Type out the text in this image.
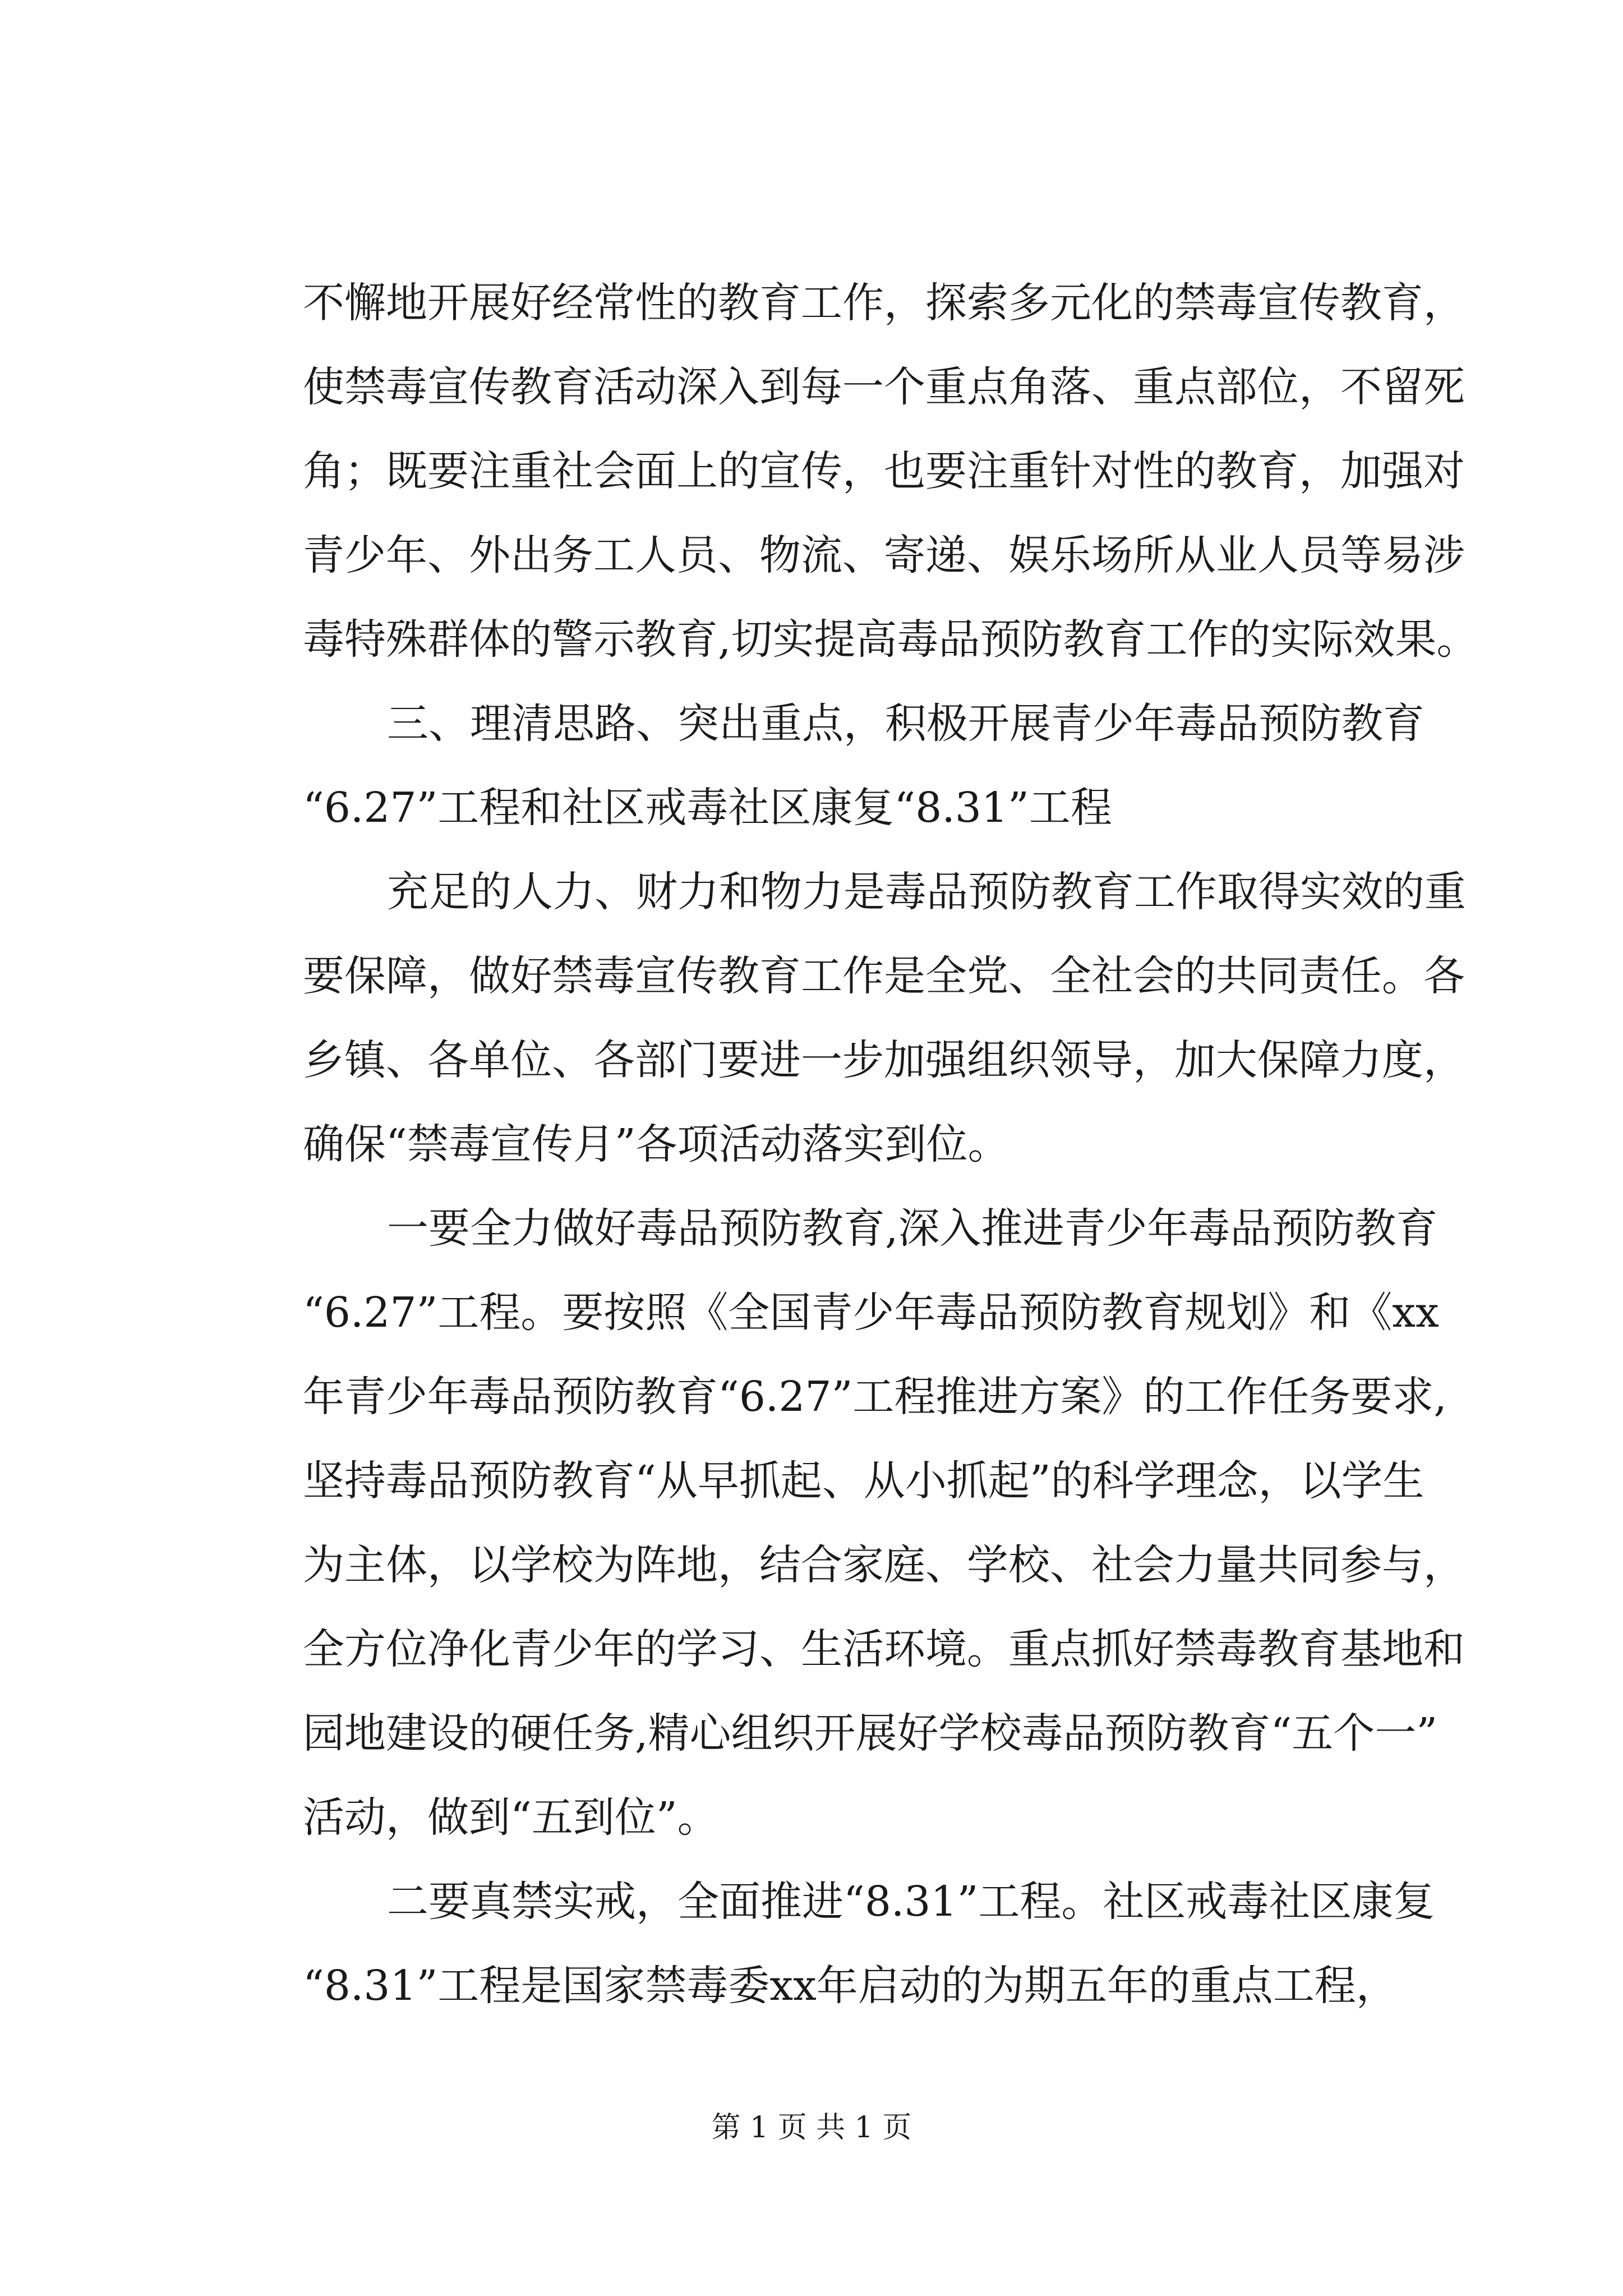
不懈地开展好经常性的教育工作，探索多元化的禁毒宣传教育，
使禁毒宣传教育活动深入到每一个重点角落、重点部位，不留死
角；既要注重社会面上的宣传，也要注重针对性的教育，加强对
青少年、外出务工人员、物流、寄递、娱乐场所从业人员等易涉
毒特殊群体的警示教育,切实提高毒品预防教育工作的实际效果。
三、理清思路、突出重点，积极开展青少年毒品预防教育
“6.27”工程和社区戒毒社区康复“8.31”工程
充足的人力、财力和物力是毒品预防教育工作取得实效的重
要保障，做好禁毒宣传教育工作是全党、全社会的共同责任。各
乡镇、各单位、各部门要进一步加强组织领导，加大保障力度，
确保“禁毒宣传月”各项活动落实到位。
一要全力做好毒品预防教育,深入推进青少年毒品预防教育
“6.27”工程。要按照《全国青少年毒品预防教育规划》和《xx
年青少年毒品预防教育“6.27”工程推进方案》的工作任务要求,
坚持毒品预防教育“从早抓起、从小抓起”的科学理念，以学生
为主体，以学校为阵地，结合家庭、学校、社会力量共同参与，
全方位净化青少年的学习、生活环境。重点抓好禁毒教育基地和
园地建设的硬任务,精心组织开展好学校毒品预防教育“五个一”
活动，做到“五到位”。
二要真禁实戒，全面推进“8.31”工程。社区戒毒社区康复
“8.31”工程是国家禁毒委xx年启动的为期五年的重点工程，
第 1 页 共 1 页
